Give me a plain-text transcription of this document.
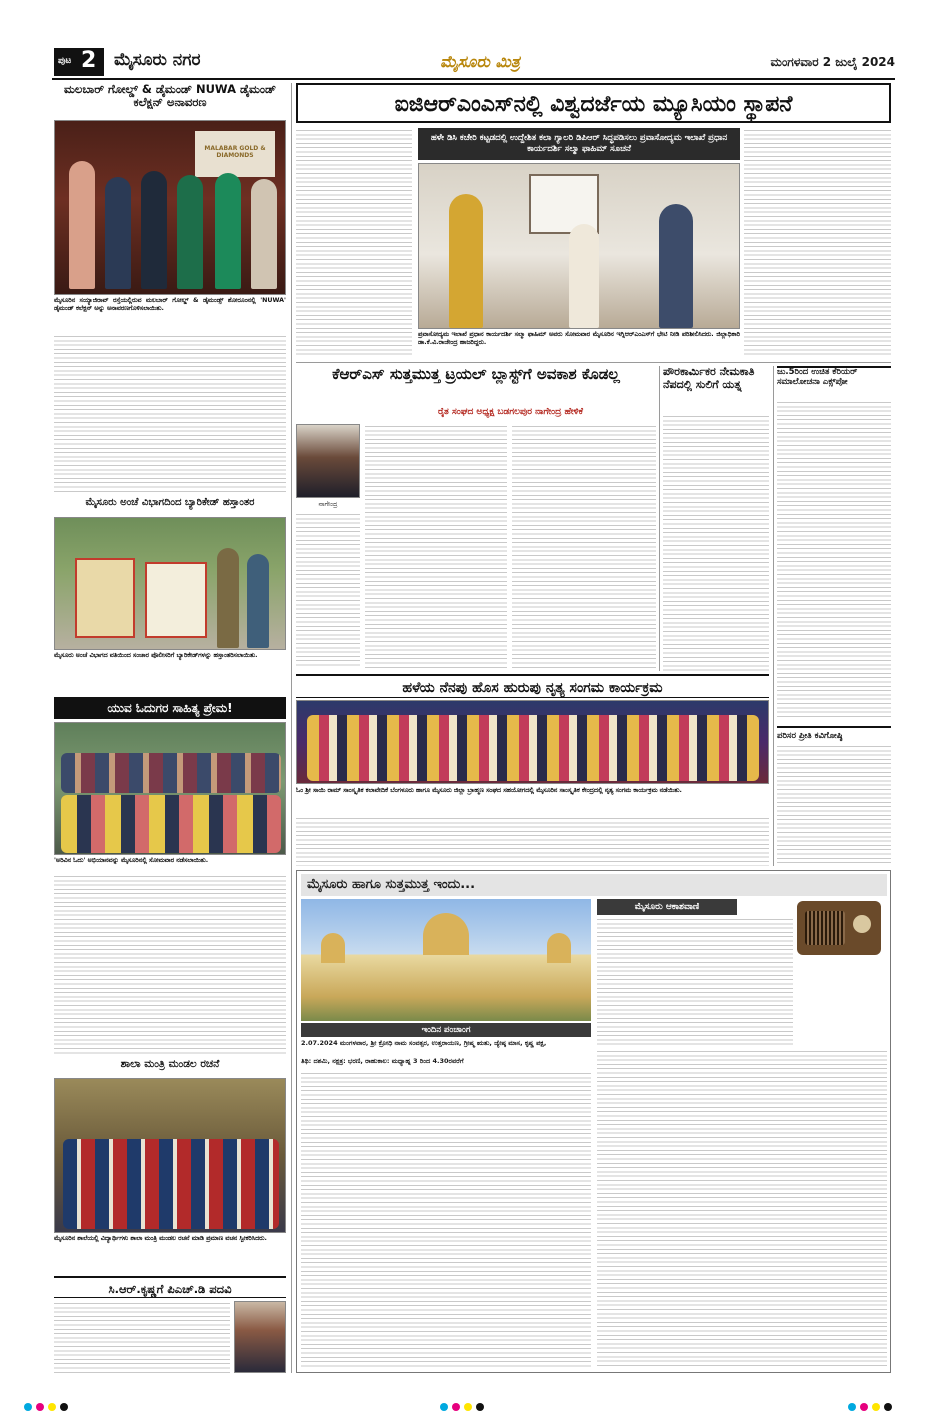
ಪುಟ 2 ಮೈಸೂರು ನಗರ	ಮೈಸೂರು ಮಿತ್ರ	ಮಂಗಳವಾರ 2 ಜುಲೈ 2024
ಮಲಬಾರ್ ಗೋಲ್ಡ್ & ಡೈಮಂಡ್ NUWA ಡೈಮಂಡ್ ಕಲೆಕ್ಷನ್ ಅನಾವರಣ
MALABAR GOLD & DIAMONDS
ಮೈಸೂರಿನ ಸಯ್ಯಾಜಿರಾವ್ ರಸ್ತೆಯಲ್ಲಿರುವ ಮಲಬಾರ್ ಗೋಲ್ಡ್ & ಡೈಮಂಡ್ಸ್ ಶೋರೂಂನಲ್ಲಿ 'NUWA' ಡೈಮಂಡ್ ಕಲೆಕ್ಷನ್ ಅನ್ನು ಅನಾವರಣಗೊಳಿಸಲಾಯಿತು.
ಮೈಸೂರು ಅಂಚೆ ವಿಭಾಗದಿಂದ ಬ್ಯಾರಿಕೇಡ್ ಹಸ್ತಾಂತರ
ಮೈಸೂರು ಅಂಚೆ ವಿಭಾಗದ ವತಿಯಿಂದ ಸಂಚಾರ ಪೊಲೀಸರಿಗೆ ಬ್ಯಾರಿಕೇಡ್‌ಗಳನ್ನು ಹಸ್ತಾಂತರಿಸಲಾಯಿತು.
ಯುವ ಓದುಗರ ಸಾಹಿತ್ಯ ಪ್ರೇಮ!
'ಅರಿವಿನ ಓದು' ಅಭಿಯಾನವನ್ನು ಮೈಸೂರಿನಲ್ಲಿ ಸೋಮವಾರ ನಡೆಸಲಾಯಿತು.
ಶಾಲಾ ಮಂತ್ರಿ ಮಂಡಲ ರಚನೆ
ಮೈಸೂರಿನ ಶಾಲೆಯಲ್ಲಿ ವಿದ್ಯಾರ್ಥಿಗಳು ಶಾಲಾ ಮಂತ್ರಿ ಮಂಡಲ ರಚನೆ ಮಾಡಿ ಪ್ರಮಾಣ ವಚನ ಸ್ವೀಕರಿಸಿದರು.
ಸಿ.ಆರ್.ಕೃಷ್ಣಗೆ ಪಿಎಚ್.ಡಿ ಪದವಿ
ಐಜಿಆರ್‌ಎಂಎಸ್‌ನಲ್ಲಿ ವಿಶ್ವದರ್ಜೆಯ ಮ್ಯೂಸಿಯಂ ಸ್ಥಾಪನೆ
ಹಳೇ ಡಿಸಿ ಕಚೇರಿ ಕಟ್ಟಡದಲ್ಲಿ ಉದ್ದೇಶಿತ ಕಲಾ ಗ್ಯಾಲರಿ ಡಿಪಿಆರ್ ಸಿದ್ಧಪಡಿಸಲು ಪ್ರವಾಸೋದ್ಯಮ ಇಲಾಖೆ ಪ್ರಧಾನ ಕಾರ್ಯದರ್ಶಿ ಸಲ್ಮಾ ಫಾಹಿಮ್ ಸೂಚನೆ
ಪ್ರವಾಸೋದ್ಯಮ ಇಲಾಖೆ ಪ್ರಧಾನ ಕಾರ್ಯದರ್ಶಿ ಸಲ್ಮಾ ಫಾಹಿಮ್ ಅವರು ಸೋಮವಾರ ಮೈಸೂರಿನ ಇಗ್ನಿಆರ್‌ಎಂಎಸ್‌ಗೆ ಭೇಟಿ ನೀಡಿ ಪರಿಶೀಲಿಸಿದರು. ಜಿಲ್ಲಾಧಿಕಾರಿ ಡಾ.ಕೆ.ವಿ.ರಾಜೇಂದ್ರ ಹಾಜರಿದ್ದರು.
ಕೆಆರ್‌ಎಸ್ ಸುತ್ತಮುತ್ತ ಟ್ರಯಲ್ ಬ್ಲಾಸ್ಟ್‌ಗೆ ಅವಕಾಶ ಕೊಡಲ್ಲ
ರೈತ ಸಂಘದ ಅಧ್ಯಕ್ಷ ಬಡಗಲಪುರ ನಾಗೇಂದ್ರ ಹೇಳಿಕೆ
ನಾಗೇಂದ್ರ
ಪೌರಕಾರ್ಮಿಕರ ನೇಮಕಾತಿ ನೆಪದಲ್ಲಿ ಸುಲಿಗೆ ಯತ್ನ
ಜು.5ರಿಂದ ಉಚಿತ ಕೆರಿಯರ್ ಸಮಾಲೋಚನಾ ಎಕ್ಸ್‌ಪೋ
ಪರಿಸರ ಪ್ರೀತಿ ಕವಿಗೋಷ್ಠಿ
ಹಳೆಯ ನೆನಪು ಹೊಸ ಹುರುಪು ನೃತ್ಯ ಸಂಗಮ ಕಾರ್ಯಕ್ರಮ
ಓಂ ಶ್ರೀ ಸಾಯಿ ರಾಮ್ ಸಾಂಸ್ಕೃತಿಕ ಕಲಾವೇದಿಕೆ ಬೆಂಗಳೂರು ಹಾಗೂ ಮೈಸೂರು ಜಿಲ್ಲಾ ಬ್ರಾಹ್ಮಣ ಸಂಘದ ಸಹಯೋಗದಲ್ಲಿ ಮೈಸೂರಿನ ಸಾಂಸ್ಕೃತಿಕ ಕೇಂದ್ರದಲ್ಲಿ ನೃತ್ಯ ಸಂಗಮ ಕಾರ್ಯಕ್ರಮ ನಡೆಯಿತು.
ಮೈಸೂರು ಹಾಗೂ ಸುತ್ತಮುತ್ತ ಇಂದು...
ಇಂದಿನ ಪಂಚಾಂಗ
2.07.2024 ಮಂಗಳವಾರ, ಶ್ರೀ ಕ್ರೋಧಿ ನಾಮ ಸಂವತ್ಸರ, ಉತ್ತರಾಯಣ, ಗ್ರೀಷ್ಮ ಋತು, ಜ್ಯೇಷ್ಠ ಮಾಸ, ಕೃಷ್ಣ ಪಕ್ಷ,
ತಿಥಿ: ದಶಮಿ, ನಕ್ಷತ್ರ: ಭರಣಿ, ರಾಹುಕಾಲ: ಮಧ್ಯಾಹ್ನ 3 ರಿಂದ 4.30ರವರೆಗೆ
ಮೈಸೂರು ಆಕಾಶವಾಣಿ
